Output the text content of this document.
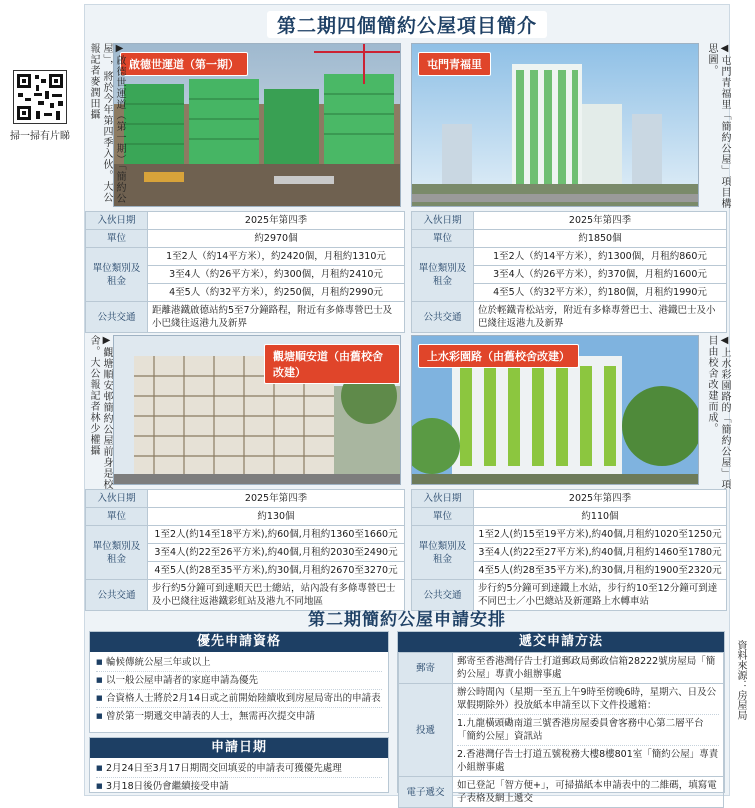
掃一掃有片睇
第二期四個簡約公屋項目簡介
啟德世運道（第一期）
▶啟德世運道（第一期）「簡約公屋」，將於今年第四季入伙。大公報記者麥潤田攝
入伙日期	2025年第四季
單位	約2970個
單位類別及租金	1至2人（約14平方米），約2420個，月租約1310元
	3至4人（約26平方米），約300個，月租約2410元
	4至5人（約32平方米），約250個，月租約2990元
公共交通	距離港鐵啟德站約5至7分鐘路程，附近有多條專營巴士及小巴綫往返港九及新界
屯門青福里	◀屯門青福里「簡約公屋」項目構思圖。
入伙日期	2025年第四季
單位	約1850個
單位類別及租金	1至2人（約14平方米），約1300個，月租約860元
	3至4人（約26平方米），約370個，月租約1600元
	4至5人（約32平方米），約180個，月租約1990元
公共交通	位於輕鐵青松站旁，附近有多條專營巴士、港鐵巴士及小巴綫往返港九及新界
觀塘順安道（由舊校舍改建）
▶觀塘順安邨簡約公屋前身是校舍。大公報記者林少權攝
入伙日期	2025年第四季
單位	約130個
單位類別及租金	1至2人(約14至18平方米),約60個,月租約1360至1660元
	3至4人(約22至26平方米),約40個,月租約2030至2490元
	4至5人(約28至35平方米),約30個,月租約2670至3270元
公共交通	步行約5分鐘可到達順天巴士總站，站內設有多條專營巴士及小巴綫往返港鐵彩虹站及港九不同地區
上水彩園路（由舊校舍改建）	◀上水彩園路的「簡約公屋」項目由校舍改建而成。
入伙日期	2025年第四季
單位	約110個
單位類別及租金	1至2人(約15至19平方米),約40個,月租約1020至1250元
	3至4人(約22至27平方米),約40個,月租約1460至1780元
	4至5人(約28至35平方米),約30個,月租約1900至2320元
公共交通	步行約5分鐘可到達鐵上水站，步行約10至12分鐘可到達不同巴士／小巴總站及新運路上水轉車站
第二期簡約公屋申請安排
優先申請資格
■ 輪候傳統公屋三年或以上
■ 以一般公屋申請者的家庭申請為優先
■ 合資格人士將於2月14日或之前開始陸續收到房屋局寄出的申請表
■ 曾於第一期遞交申請表的人士，無需再次提交申請
申請日期
■ 2月24日至3月17日期間交回填妥的申請表可獲優先處理
■ 3月18日後仍會繼續接受申請
遞交申請方法
郵寄	郵寄至香港灣仔告士打道郵政局郵政信箱28222號房屋局「簡約公屋」專責小組辦事處
投遞	辦公時間內（星期一至五上午9時至傍晚6時，星期六、日及公眾假期除外）投放紙本申請至以下文件投遞箱：
1.九龍橫頭磡南道三號香港房屋委員會客務中心第二層平台「簡約公屋」資訊站
2.香港灣仔告士打道五號稅務大樓8樓801室「簡約公屋」專責小組辦事處

電子遞交	如已登記「智方便+」，可掃描紙本申請表中的二維碼，填寫電子表格及網上遞交
資料來源：房屋局
